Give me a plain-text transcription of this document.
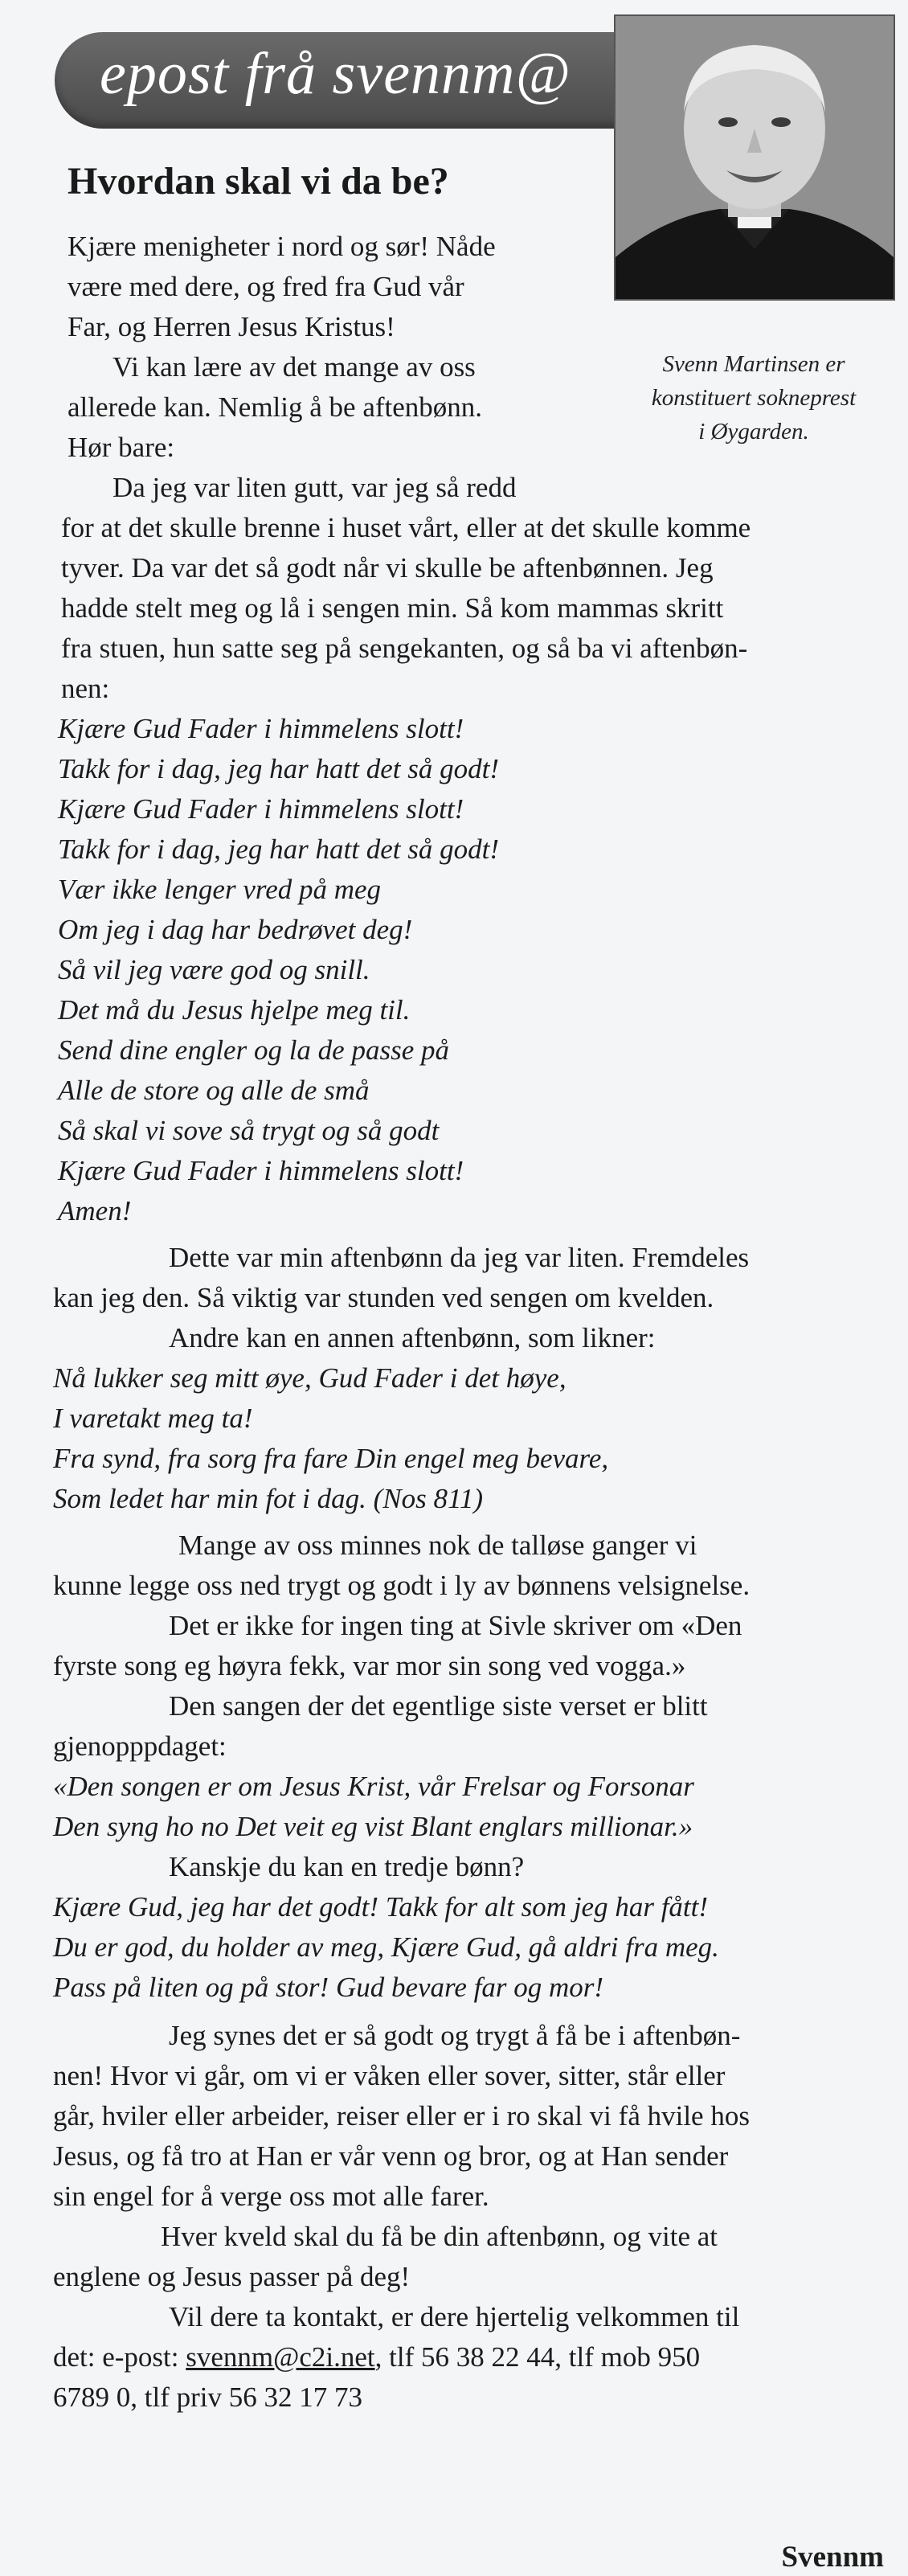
epost frå svennm@
Svenn Martinsen er
konstituert sokneprest
i Øygarden.
Hvordan skal vi da be?
Kjære menigheter i nord og sør! Nåde
være med dere, og fred fra Gud vår
Far, og Herren Jesus Kristus!
Vi kan lære av det mange av oss
allerede kan. Nemlig å be aftenbønn.
Hør bare:
Da jeg var liten gutt, var jeg så redd
for at det skulle brenne i huset vårt, eller at det skulle komme
tyver. Da var det så godt når vi skulle be aftenbønnen. Jeg
hadde stelt meg og lå i sengen min. Så kom mammas skritt
fra stuen, hun satte seg på sengekanten, og så ba vi aftenbøn-
nen:
Kjære Gud Fader i himmelens slott!
Takk for i dag, jeg har hatt det så godt!
Kjære Gud Fader i himmelens slott!
Takk for i dag, jeg har hatt det så godt!
Vær ikke lenger vred på meg
Om jeg i dag har bedrøvet deg!
Så vil jeg være god og snill.
Det må du Jesus hjelpe meg til.
Send dine engler og la de passe på
Alle de store og alle de små
Så skal vi sove så trygt og så godt
Kjære Gud Fader i himmelens slott!
Amen!
Dette var min aftenbønn da jeg var liten. Fremdeles
kan jeg den. Så viktig var stunden ved sengen om kvelden.
Andre kan en annen aftenbønn, som likner:
Nå lukker seg mitt øye, Gud Fader i det høye,
I varetakt meg ta!
Fra synd, fra sorg fra fare Din engel meg bevare,
Som ledet har min fot i dag. (Nos 811)
Mange av oss minnes nok de talløse ganger vi
kunne legge oss ned trygt og godt i ly av bønnens velsignelse.
Det er ikke for ingen ting at Sivle skriver om «Den
fyrste song eg høyra fekk, var mor sin song ved vogga.»
Den sangen der det egentlige siste verset er blitt
gjenopppdaget:
«Den songen er om Jesus Krist, vår Frelsar og Forsonar
Den syng ho no Det veit eg vist Blant englars millionar.»
Kanskje du kan en tredje bønn?
Kjære Gud, jeg har det godt! Takk for alt som jeg har fått!
Du er god, du holder av meg, Kjære Gud, gå aldri fra meg.
Pass på liten og på stor! Gud bevare far og mor!
Jeg synes det er så godt og trygt å få be i aftenbøn-
nen! Hvor vi går, om vi er våken eller sover, sitter, står eller
går, hviler eller arbeider, reiser eller er i ro skal vi få hvile hos
Jesus, og få tro at Han er vår venn og bror, og at Han sender
sin engel for å verge oss mot alle farer.
Hver kveld skal du få be din aftenbønn, og vite at
englene og Jesus passer på deg!
Vil dere ta kontakt, er dere hjertelig velkommen til
det: e-post: svennm@c2i.net, tlf 56 38 22 44, tlf mob 950
6789 0, tlf priv 56 32 17 73
Svennm
